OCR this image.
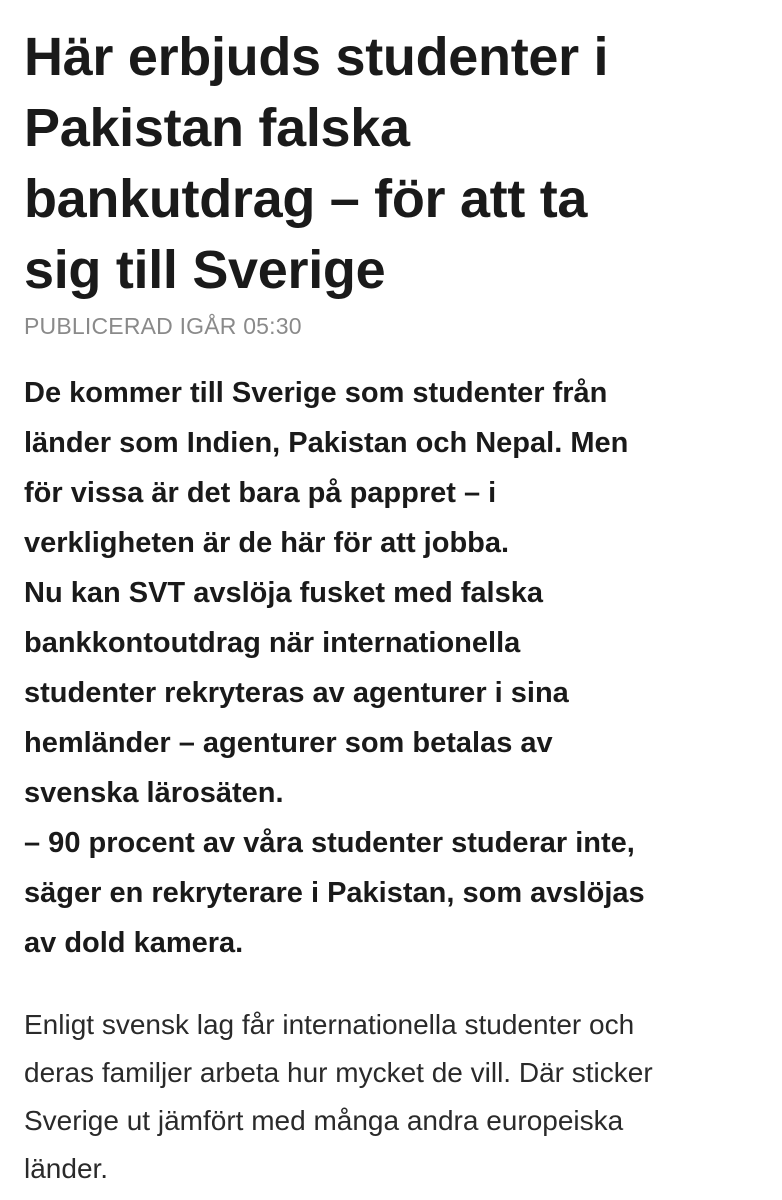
Här erbjuds studenter i
Pakistan falska
bankutdrag – för att ta
sig till Sverige
PUBLICERAD IGÅR 05:30

De kommer till Sverige som studenter från
länder som Indien, Pakistan och Nepal. Men
för vissa är det bara på pappret – i
verkligheten är de här för att jobba.
Nu kan SVT avslöja fusket med falska
bankkontoutdrag när internationella
studenter rekryteras av agenturer i sina
hemländer – agenturer som betalas av
svenska lärosäten.
– 90 procent av våra studenter studerar inte,
säger en rekryterare i Pakistan, som avslöjas
av dold kamera.

Enligt svensk lag får internationella studenter och
deras familjer arbeta hur mycket de vill. Där sticker
Sverige ut jämfört med många andra europeiska
länder.
